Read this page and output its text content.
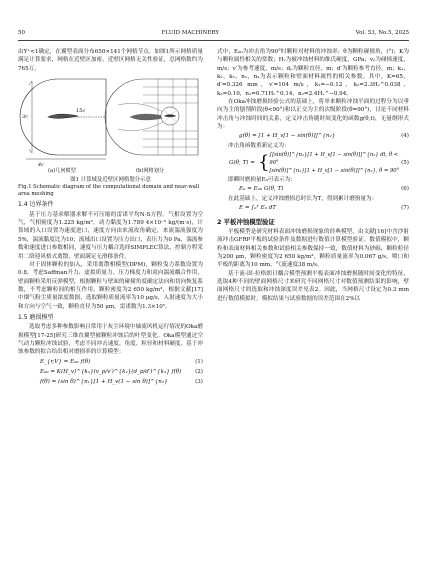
50	FLUID MACHINERY	Vol. 53, No.5, 2025

由Y⁺<1确定，在翼型表面分布650×141个网格节点，如图1所示网格质量满足计算要求，网格在近壁区加密，近壁区网格无关性验证，总网格数约为765万。

15c
3c
4c
(a)几何模型	(b)网格划分
图1 计算域及近壁区网格划分示意
Fig.1 Schematic diagram of the computational domain and near-wall area meshing
1.4 边界条件

基于压力基求解器求解不可压缩的雷诺平均N-S方程。气相设置为空气，气相密度为1.225 kg/m³，动力黏度为1.789 4×10⁻⁵ kg/(m·s)，计算域的入口设置为速度进口，速度方向由来流攻角确定，来流湍流强度为5%，湍流黏度比为10；流域出口设置为压力出口，表压力为0 Pa，湍流参数和速度进口参数相同，速度与压力耦合选择SIMPLEC算法，控制方程采用二阶迎风格式离散，壁面满足无滑移条件。

对于固体颗粒的加入，采用离散相模型(DPM)，颗粒曳力系数设置为0.8，考虑Saffman升力、虚拟质量力、压力梯度力和双向湍流耦合作用，壁面颗粒采用反弹模型，根据颗粒与壁面的碰撞角度确定法向和切向恢复系数，不考虑颗粒间的相互作用。颗粒密度为2 650 kg/m³，根据文献[17]中烟气粉尘质量浓度数据，选取颗粒质量流率为10 μg/s，入射速度为大小和方向与空气一致，颗粒直径为50 μm，雷诺数为1.3×10⁵。

1.5 磨损模型

选取考虑多种参数影响且常用于灰尘环境中轴流风机运行情况的Oka磨损模型[17-25]研究三维直翼型被颗粒冲蚀后的叶型变化。Oka模型通过空气动力颗粒冲蚀试验，考虑不同冲击速度、角度、粒径和材料硬度，基于冲蚀参数的拟合给出相对磨损率的计算模型：

E_{r,V} = E₉₀ f(θ)	(1)
E₉₀ = K(H_v)^{k₁}(v_p/v′)^{k₂}(d_p/d′)^{k₃} f(θ) (2)
f(θ) = (sin θ)^{n₁}[1 + H_v(1 − sin θ)]^{n₂}	(3)

式中，E₉₀为冲击角为90°时颗粒对材料的冲蚀率；θ为颗粒碰撞角，(°)；K为与颗粒属性相关的常数；Hᵥ为被冲蚀材料的维氏硬度，GPa；vₚ为碰撞速度，m/s；v′为参考速度，m/s；dₚ为颗粒直径，m；d′为颗粒参考直径，m；k₁，k₂，k₃，n₁，n₂为表示颗粒和壁面材料属性的相关参数。其中，K=65，d′=0.326 mm，v′=104 m/s，k₁=−0.12，k₂=2.3Hᵥ^0.038，k₃=0.19，n₁=0.71Hᵥ^0.14，n₂=2.4Hᵥ^−0.94。

在Oka冲蚀磨损经验公式的基础上，将单来颗粒冲蚀平面的过程分为以垂向为主的刨削阶段(θ<90°)和以正交为主的次级阶段(θ=90°)，讨论不同材料冲击角与冲蚀时间的关系，定义冲击角随时间变化的函数g(θ,t)，无量纲形式为：

g(θ) = [1 + H_v[1 − sin(θ)]]^{n₂}	(4)

冲击角函数重新定义为：

G(θ, T) = { ∫[sin(θ)]^{n₁}[1 + H_v[1 − sin(θ)]]^{n₂} dt, θ < 90°
[sin(θ)]^{n₁}[1 + H_v[1 − sin(θ)]]^{n₂}, θ = 90°
(5)

即瞬时磨损量E₀可表示为：

E₀ = E₉₀ G(θ, T)	(6)

在此基础上，定义冲蚀磨损总时长为T，得到累计磨损量为：

E = ∫₀ᵀ E₀ dT	(7)
2 平板冲蚀模型验证

平板模型是研究材料表面冲蚀磨损现象的经典模型，由文献[16]中含沙射流冲击GFRP平板的试验条件及数据进行数值计算模型验证。数值模拟中，颗粒和表面材料相关参数和试验相关参数保持一致，数值材料为砂砾，颗粒粒径为200 μm，颗粒密度为2 650 kg/m³，颗粒质量流率为0.067 g/s，喷口和平板的距离为10 mm，气流速度38 m/s。

基于流-固-拉格朗日耦合模型预测平板表面冲蚀磨损随时间变化的特征，选取4种不同的壁面网格尺寸来研究不同网格尺寸对数值预测结果的影响，壁面网格尺寸的选取和冲蚀深度误差见表2。因此，当网格尺寸设定为0.3 mm进行数值模拟时，模拟结果与试验数据的误差范围在2%以
